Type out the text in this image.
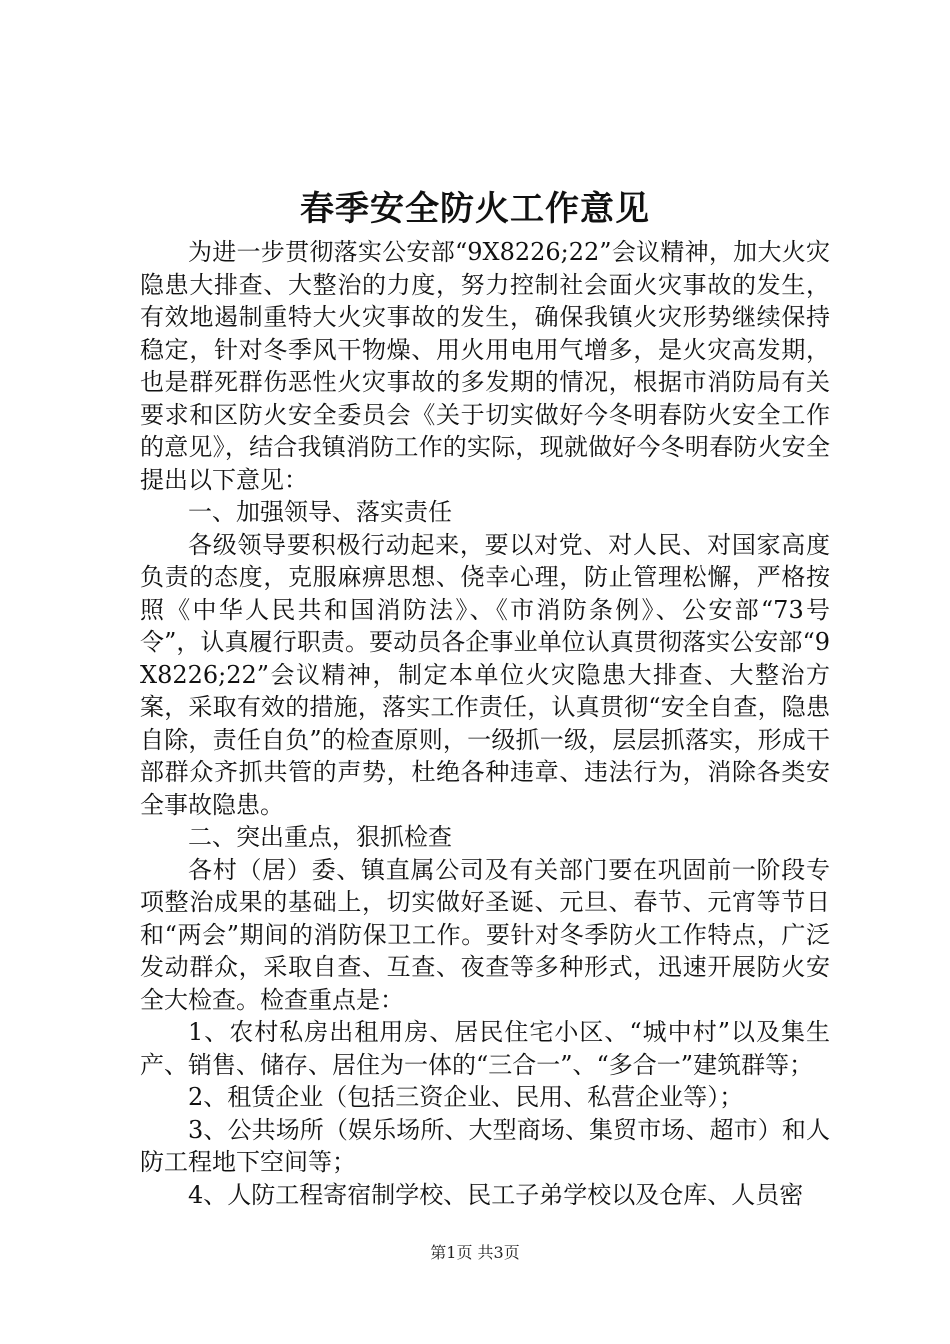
春季安全防火工作意见

为进一步贯彻落实公安部“9X8226;22”会议精神，加大火灾隐患大排查、大整治的力度，努力控制社会面火灾事故的发生，有效地遏制重特大火灾事故的发生，确保我镇火灾形势继续保持稳定，针对冬季风干物燥、用火用电用气增多，是火灾高发期，也是群死群伤恶性火灾事故的多发期的情况，根据市消防局有关要求和区防火安全委员会《关于切实做好今冬明春防火安全工作的意见》，结合我镇消防工作的实际，现就做好今冬明春防火安全提出以下意见：

一、加强领导、落实责任

各级领导要积极行动起来，要以对党、对人民、对国家高度负责的态度，克服麻痹思想、侥幸心理，防止管理松懈，严格按照《中华人民共和国消防法》、《市消防条例》、公安部“73号令”，认真履行职责。要动员各企事业单位认真贯彻落实公安部“9X8226;22”会议精神，制定本单位火灾隐患大排查、大整治方案，采取有效的措施，落实工作责任，认真贯彻“安全自查，隐患自除，责任自负”的检查原则，一级抓一级，层层抓落实，形成干部群众齐抓共管的声势，杜绝各种违章、违法行为，消除各类安全事故隐患。

二、突出重点，狠抓检查

各村（居）委、镇直属公司及有关部门要在巩固前一阶段专项整治成果的基础上，切实做好圣诞、元旦、春节、元宵等节日和“两会”期间的消防保卫工作。要针对冬季防火工作特点，广泛发动群众，采取自查、互查、夜查等多种形式，迅速开展防火安全大检查。检查重点是：

1、农村私房出租用房、居民住宅小区、“城中村”以及集生产、销售、储存、居住为一体的“三合一”、“多合一”建筑群等；

2、租赁企业（包括三资企业、民用、私营企业等）；

3、公共场所（娱乐场所、大型商场、集贸市场、超市）和人防工程地下空间等；

4、人防工程寄宿制学校、民工子弟学校以及仓库、人员密

第1页 共3页
